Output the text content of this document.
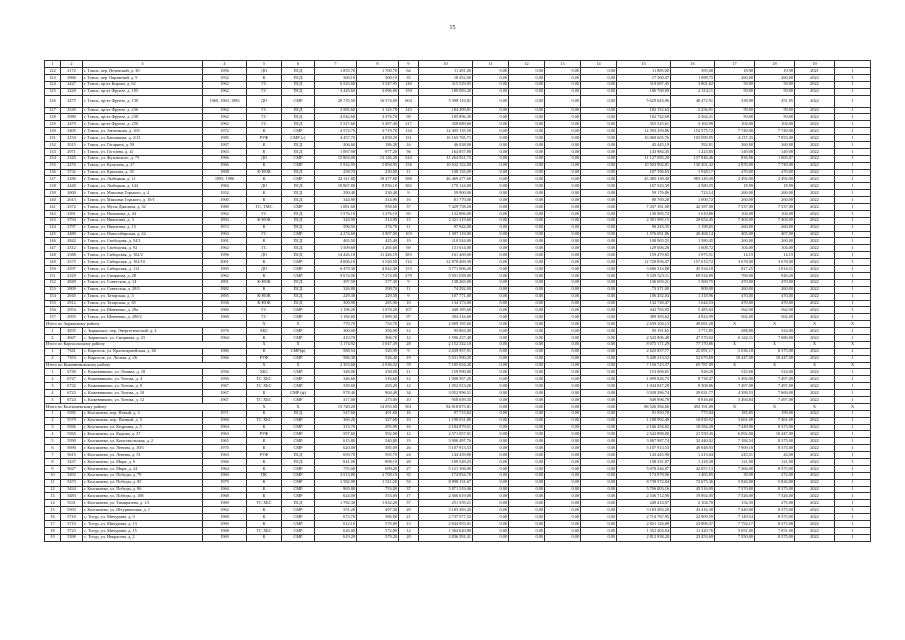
15
1	2	3	4	5	6	7	8	9	10	11	12	13	14	15	16	17	18	19	
122	2172	г. Томск, пер. Нечевский, д. 30	1956	ДО	ПСД	1 855,70	1 700,70	64	11 281,00	0,00	0,00	0,00	0,00	11 885,00	395,00	18,98	19,98	2021	1
123	2966	г. Томск, пер. Овражный, д. 9	1932	К	ПСД	560,10	560,10	35	18 452,00	0,00	0,00	0,00	0,00	17 560,47	1 088,75	260,00	260,00	2022	1
124	2427	г. Томск, пр-кт Кирова, д. 62	1962	ГС	ПСД	6 525,60	5 547,95	140	315 529,05	0,00	0,00	0,00	0,00	310 687,45	3 861,62	59,00	59,00	2022	1
125	2420	г. Томск, пр-кт Фрунзе, д. 105	1962	ГС	ПСД	3 445,60	3 096,80	159	189 083,20	0,00	0,00	0,00	0,00	186 769,09	2 314,11	59,00	59,00	2022	1
126	2475	г. Томск, пр-кт Фрунзе, д. 130	1960, 1963, 1983	ДО	СМР	20 735,50	16 574,69	604	5 598 116,81	0,00	0,00	0,00	0,00	5 629 643,96	48 472,91	338,98	451,95	2022	1
127	2549	г. Томск, пр-кт Фрунзе, д. 236	1962	ГС	ПСД	3 585,60	3 125,79	145	184 499,81	0,00	0,00	0,00	0,00	182 152,63	2 256,91	59,00	59,00	2022	1
128	2980	г. Томск, пр-кт Фрунзе, д. 238	1962	ГС	ПСД	4 042,60	3 376,70	90	185 896,30	0,00	0,00	0,00	0,00	182 742,69	2 364,21	59,00	59,00	2022	1
129	2479	г. Томск, пр-кт Фрунзе, д. 250	1962	ГС	ПСД	5 527,60	5 497,40	317	358 689,60	0,00	0,00	0,00	0,00	355 525,61	3 163,99	104,00	104,00	2022	1
130	3405	г. Томск, ул. Антипкова, д. 105	1972	К	СМР	4 574,70	3 719,70	134	12 405 135,50	0,00	0,00	0,00	0,00	12 393 259,86	152 575,72	7 749,00	7 749,00	2022	1
131	2154	г. Томск, ул. Баклыкова, д. 2/13	1985	РУФ	СМР (с)	4 457,70	4 058,20	151	16 165 765,71	0,00	0,00	0,00	0,00	16 060 665,76	105 099,95	4 137,25	7 053,00	2022	1
132	3515	г. Томск, ул. Гагарина, д. 59	1907	К	ПСД	206,60	186,30	16	46 038,00	0,00	0,00	0,00	0,00	45 445,19	592,81	260,00	260,00	2022	1
133	2971	г. Томск, ул. Гоголева, д. 41	1963	К	ПСД	1 067,90	977,20	56	164 857,80	0,00	0,00	0,00	0,00	143 984,45	1 223,85	149,00	149,00	2022	1
134	2345	г. Томск, ул. Жуковского, д. 75	1966	ДО	СМР	15 863,00	13 146,20	544	11 264 921,75	0,00	0,00	0,00	0,00	11 127 085,20	137 846,46	836,96	1 065,07	2022	1
135	2276	г. Томск, ул. Кулагина, д. 27	1966	К	СМР	5 932,95	5 894,95	156	10 632 122,00	0,00	0,00	0,00	0,00	10 503 902,81	130 201,42	2 876,00	7 749,00	2022	1
136	3732	г. Томск, ул. Крылова, д. 35	1888	К-НОК	ПСД	258,70	230,00	11	108 135,00	0,00	0,00	0,00	0,00	107 196,83	1 928,17	470,00	470,00	2022	1
137	2286	г. Томск, ул. Лыбецкая, д. 11	1995, 1996	К	СМР	22 311,80	18 477,80	588	46 469 477,60	0,00	0,00	0,00	0,00	45 485 138,40	983 349,20	2 492,00	2 492,00	2022	1
138	2440	г. Томск, ул. Лыбецкая, д. 144	1984	ДО	ПСД	10 867,80	8 956,10	382	170 124,00	0,00	0,00	0,00	0,00	167 543,39	2 580,55	18,99	18,99	2022	1
139	2600	г. Томск, ул. Максима Горького, д. 4	1952	К	ПСД	290,40	230,40	9	59 900,00	0,00	0,00	0,00	0,00	59 176,86	723,14	260,00	260,00	2022	1
140	2613	г. Томск, ул. Максима Горького, д. 10/1	1900	К	ПСД	344,90	314,90	16	81 770,00	0,00	0,00	0,00	0,00	80 769,28	1 000,72	260,00	260,00	2022	1
141	2572	г. Томск, ул. Мусы Джалиля, д. 32	1980	ТС, ТМС	СМР	1 081,60	958,60	57	7 429 758,20	0,00	0,00	0,00	0,00	7 437 181,00	42 587,00	7 537,00	7 537,00	2022	1
142	2391	г. Томск, ул. Нахимова, д. 44	1962	ГС	ПСД	1 576,10	1 276,10	65	132 896,00	0,00	0,00	0,00	0,00	130 985,72	1 610,86	104,00	104,00	2022	1
143	3794	г. Томск, ул. Никитина, д. 3	1892	К-НОК	ПСД	344,90	314,90	15	2 321 319,60	0,00	0,00	0,00	0,00	2 301 985,15	20 654,45	7 404,00	7 404,00	2022	1
144	2797	г. Томск, ул. Никитина, д. 15	1872	К	ПСД	596,50	376,70	11	97 942,00	0,00	0,00	0,00	0,00	96 243,35	1 198,65	260,00	260,00	2022	1
145	2480	г. Томск, ул. Новосибирская, д. 62	1963	ГС	СМР	4 274,60	3 907,00	103	1 597 119,00	0,00	0,00	0,00	0,00	1 576 691,86	20 468,14	405,00	407,00	2022	1
146	2842	г. Томск, ул. Свободная, д. 54/1	1901	К	ПСД	465,50	425,40	19	110 544,00	0,00	0,00	0,00	0,00	108 965,55	1 580,45	260,00	260,00	2022	1
147	2312	г. Томск, ул. Свободная, д. 92	1962	ГС	ПСД	1 509,60	1 265,60	69	131 614,00	0,00	0,00	0,00	0,00	129 606,28	1 608,72	104,00	104,00	2022	1
148	2588	г. Томск, ул. Сибирская, д. 102/2	1996	ДО	ПСД	14 426,18	11 426,18	383	161 469,00	0,00	0,00	0,00	0,00	159 479,65	1 975,51	14,15	14,15	2022	1
149	2575	г. Томск, ул. Сибирская, д. 102/10	2001	К	СМР	4 006,10	3 520,50	114	12 878 469,39	0,00	0,00	0,00	0,00	12 720 856,47	157 613,72	3 678,00	3 678,00	2022	1
150	2597	г. Томск, ул. Сибирская, д. 112	1995	ДО	СМР	6 479,30	4 842,40	153	3 771 006,20	0,00	0,00	0,00	0,00	3 686 314,88	45 534,18	827,25	1 014,51	2022	1
151	2329	г. Томск, ул. Смирнова, д. 28	1962	К	СМР	9 674,00	7 274,00	279	5 591 058,00	0,00	0,00	0,00	0,00	5 529 523,11	69 534,89	769,00	946,20	2022	1
152	2849	г. Томск, ул. Советская, д. 14	1891	К-НОК	ПСД	397,50	377,30	9	138 263,00	0,00	0,00	0,00	0,00	136 693,21	1 569,75	470,00	470,00	2022	1
153	2809	г. Томск, ул. Советская, д. 28/3	1882	К	ПСД	326,80	298,70	11	74 292,00	0,00	0,00	0,00	0,00	73 371,00	909,00	260,00	260,00	2022	1
154	2945	г. Томск, ул. Татарская, д. 5	1895	К-НОК	ПСД	229,30	229,30	9	107 771,00	0,00	0,00	0,00	0,00	106 452,04	1 318,96	470,00	470,00	2022	1
155	2912	г. Томск, ул. Татарская, д. 65	1930	К-НОК	ПСД	300,90	285,90	10	134 373,00	0,00	0,00	0,00	0,00	132 728,47	1 644,53	470,00	470,00	2022	1
156	2954	г. Томск, ул. Шевченко, д. 29а	1960	ГС	СМР	1 198,20	1 078,20	107	448 185,60	0,00	0,00	0,00	0,00	442 783,95	5 485,63	562,00	562,00	2022	1
157	2955	г. Томск, ул. Шевченко, д. 29б/2	1960	ГС	СМР	1 184,80	1 089,30	97	394 316,60	0,00	0,00	0,00	0,00	389 393,62	4 823,99	562,00	562,00	2022	1
Итого по Зырянскому району				Х	Х	770,70	733,70	24	2 009 195,60	0,00	0,00	0,00	0,00	2 639 104,13	49 691,28	Х	Х	Х	Х
1	4835	с. Зырянское, пер. Энергетический, д. 4	1976	ХБС	СМР	360,00	356,00	12	95 863,00	0,00	0,00	0,00	0,00	95 191,65	1 772,85	288,80	324,00	2022	1
2	4667	с. Зырянское, ул. Смирнова, д. 23	1964	К	СМР	410,70	366,70	12	1 596 237,40	0,00	0,00	0,00	0,00	2 543 806,48	47 570,02	6 342,11	7 680,00	2022	1
Итого по Каргасокскому району				Х	Х	1 174,92	1 047,39	28	2 152 342,10	0,00	0,00	0,00	0,00	8 075 171,29	77 170,86	Х	Х	Х	Х
1	7341	с. Каргасок, ул. Красноармейская, д. 60	1980	К	СМР(ф)	588,54	520,99	9	2 639 957,91	0,00	0,00	0,00	0,00	2 625 857,77	25 091,17	5 036,18	8 375,00	2022	1
2	7353	с. Каргасок, ул. Лесная, д. 26	1966	РУФ	СМР	586,38	526,40	19	5 531 990,20	0,00	0,00	0,00	0,00	5 449 313,52	52 079,69	10 447,00	10 447,00	2022	1
Итого по Кожевниковскому району				Х	Х	2 303,60	2 036,32	78	7 185 654,20	0,00	0,00	0,00	0,00	7 156 723,37	65 787,09	Х	Х	Х	Х
1	6749	с. Кожевниково, ул. Ленина, д. 18	1956	ХБС	СМР	348,00	258,00	11	159 990,00	0,00	0,00	0,00	0,00	153 069,81	926,29	525,00	524,00	2022	1
2	6727	с. Кожевниково, ул. Титова, д. 4	1956	ТС ХБС	СМР	346,60	316,60	12	1 008 567,20	0,00	0,00	0,00	0,00	1 099 826,75	8 738,47	5 492,00	7 497,00	2022	1
3	6732	с. Кожевниково, ул. Титова, д. 8	1967	ТС ХБС	СМР	339,60	293,20	12	1 052 913,20	0,00	0,00	0,00	0,00	1 044 847,28	8 308,86	7 497,00	7 497,00	2022	1
4	6723	с. Кожевниково, ул. Титова, д. 10	1967	К	СМР (ф)	978,40	904,40	34	3 952 996,51	0,00	0,00	0,00	0,00	3 928 586,74	29 031,77	4 399,53	7 669,00	2022	1
5	6724	с. Кожевниково, ул. Титова, д. 12	1967	ТС ХБС	СМР	317,00	275,00	10	958 659,35	0,00	0,00	0,00	0,00	949 896,78	8 816,60	5 494,84	7 497,00	2022	1
Итого по Колпашевскому району				Х	Х	15 740,20	14 055,00	561	84 818 875,81	0,00	0,00	0,00	0,00	88 526 584,66	492 191,09	Х	Х	Х	Х
1	5585	г. Колпашево, пер. Новый, д. 3	1971	К	ПСД	547,60	491,60	16	97 715,62	0,00	0,00	0,00	0,00	91 950,78	775,84	185,85	199,00	2022	1
2	5579	г. Колпашево, пер. Пячный, д. 5	1968	ТС ХБС	СМР	369,20	327,60	10	1 198 031,80	0,00	0,00	0,00	0,00	1 188 992,48	10 039,92	5 661,00	7 461,00	2022	1
3	5566	г. Колпашево, ул. Кедровая, д. 5	1964	К	СМР	313,70	295,90	16	2 184 879,51	0,00	0,00	0,00	0,00	2 166 294,82	18 584,29	7 449,00	8 375,00	2022	1
4	5565	г. Колпашево, ул. Кирова, д. 37	1963	РУФ	СМР	597,60	592,00	12	2 571 057,01	0,00	0,00	0,00	0,00	2 542 898,00	21 559,45	6 092,00	10 447,00	2022	1
5	5590	г. Колпашево, ул. Комсомольская, д. 2	1965	К	СМР	615,80	540,80	19	3 900 497,76	0,00	0,00	0,00	0,00	3 867 987,74	32 440,02	7 184,54	8 375,00	2022	1
6	5696	г. Колпашево, ул. Ленина, д. 39/1	1970	К	СМР	620,00	585,00	26	5 107 913,53	0,00	0,00	0,00	0,00	5 107 913,53	49 948,93	7 969,18	8 375,00	2022	1
7	5615	г. Колпашево, ул. Ленина, д. 51	1963	РУФ	ПСД	659,70	595,70	24	144 459,80	0,00	0,00	0,00	0,00	143 445,96	1 213,84	243,51	44,00	2022	1
8	5437	г. Колпашево, ул. Мира, д. 6	1966	К	ПСД	841,00	898,10	28	109 549,25	0,00	0,00	0,00	0,00	108 331,07	1 218,38	121,00	121,00	2022	1
9	5627	г. Колпашево, ул. Мира, д. 24	1964	К	СМР	755,00	699,20	27	5 121 106,00	0,00	0,00	0,00	0,00	5 078 246,87	42 857,13	7 366,00	8 375,00	2022	1
10	5492	г. Колпашево, ул. Победы, д. 79	1960	ПК	СМР	3 513,80	2 708,10	35	174 954,70	0,00	0,00	0,00	0,00	173 978,06	1 465,85	39,00	272,00	2022	1
11	5473	г. Колпашево, ул. Победы, д. 85	1979	К	СМР	1 582,90	1 511,20	53	8 898 131,67	0,00	0,00	0,00	0,00	8 739 572,84	73 675,36	5 826,00	5 826,00	2022	1
12	5434	г. Колпашево, ул. Победы, д. 86	1964	К	СМР	965,00	753,00	37	5 871 519,46	0,00	0,00	0,00	0,00	5 796 003,16	45 516,09	7 570,00	8 375,00	2022	1
13	5483	г. Колпашево, ул. Победы, д. 108	1968	К	СМР	624,00	553,00	17	2 566 619,08	0,00	0,00	0,00	0,00	2 546 712,98	19 892,05	7 526,00	7 526,00	2022	1
14	5531	г. Колпашево, ул. Тимирязева, д. 1/1	1969	ТС ХБС	ПСД	1 782,30	1 632,20	57	251 559,21	0,00	0,00	0,00	0,00	249 414,97	2 104,70	154,35	275,00	2022	1
15	5503	г. Колпашево, ул. Штурманская, д. 1	1962	К	СМР	551,20	497,30	20	3 183 383,20	0,00	0,00	0,00	0,00	3 183 383,20	43 416,30	7 449,00	8 375,00	2022	1
16	5716	с. Тогур, ул. Мичурина, д. 9	1968	К	СМР	673,70	586,80	21	2 737 577,52	0,00	0,00	0,00	0,00	2 714 767,95	22 909,59	7 149,54	8 375,00	2022	1
17	5719	с. Тогур, ул. Мичурина, д. 13	1969	К	СМР	612,10	576,80	15	2 844 953,01	0,00	0,00	0,00	0,00	2 821 126,88	23 806,37	7 754,17	8 375,00	2022	1
18	5723	с. Тогур, ул. Мичурина, д. 15	1968	ТС ХБС	СМР	626,00	572,80	12	1 364 620,80	0,00	0,00	0,00	0,00	1 352 403,04	11 420,76	5 051,00	7 051,00	2022	1
19	5398	с. Тогур, ул. Некрасова, д. 2	1969	К	СМР	619,20	579,20	20	2 836 391,41	0,00	0,00	0,00	0,00	2 812 938,20	23 453,69	7 550,00	8 375,00	2022	1
